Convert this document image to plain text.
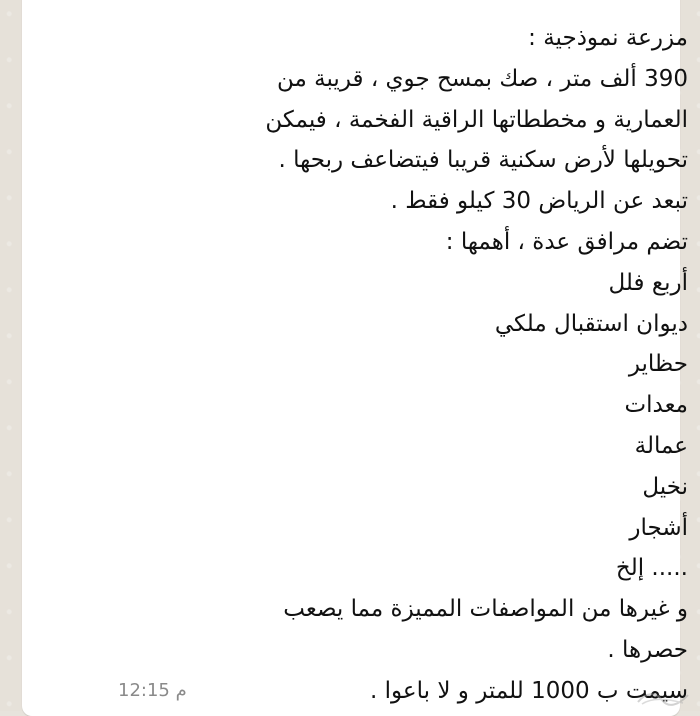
مزرعة نموذجية :
390 ألف متر ، صك بمسح جوي ، قريبة من
العمارية و مخططاتها الراقية الفخمة ، فيمكن
تحويلها لأرض سكنية قريبا فيتضاعف ربحها .
تبعد عن الرياض 30 كيلو فقط .
تضم مرافق عدة ، أهمها :
أربع فلل
ديوان استقبال ملكي
حظاير
معدات
عمالة
نخيل
أشجار
..... إلخ
و غيرها من المواصفات المميزة مما يصعب
حصرها .
سيمت ب 1000 للمتر و لا باعوا .
12:15 م
